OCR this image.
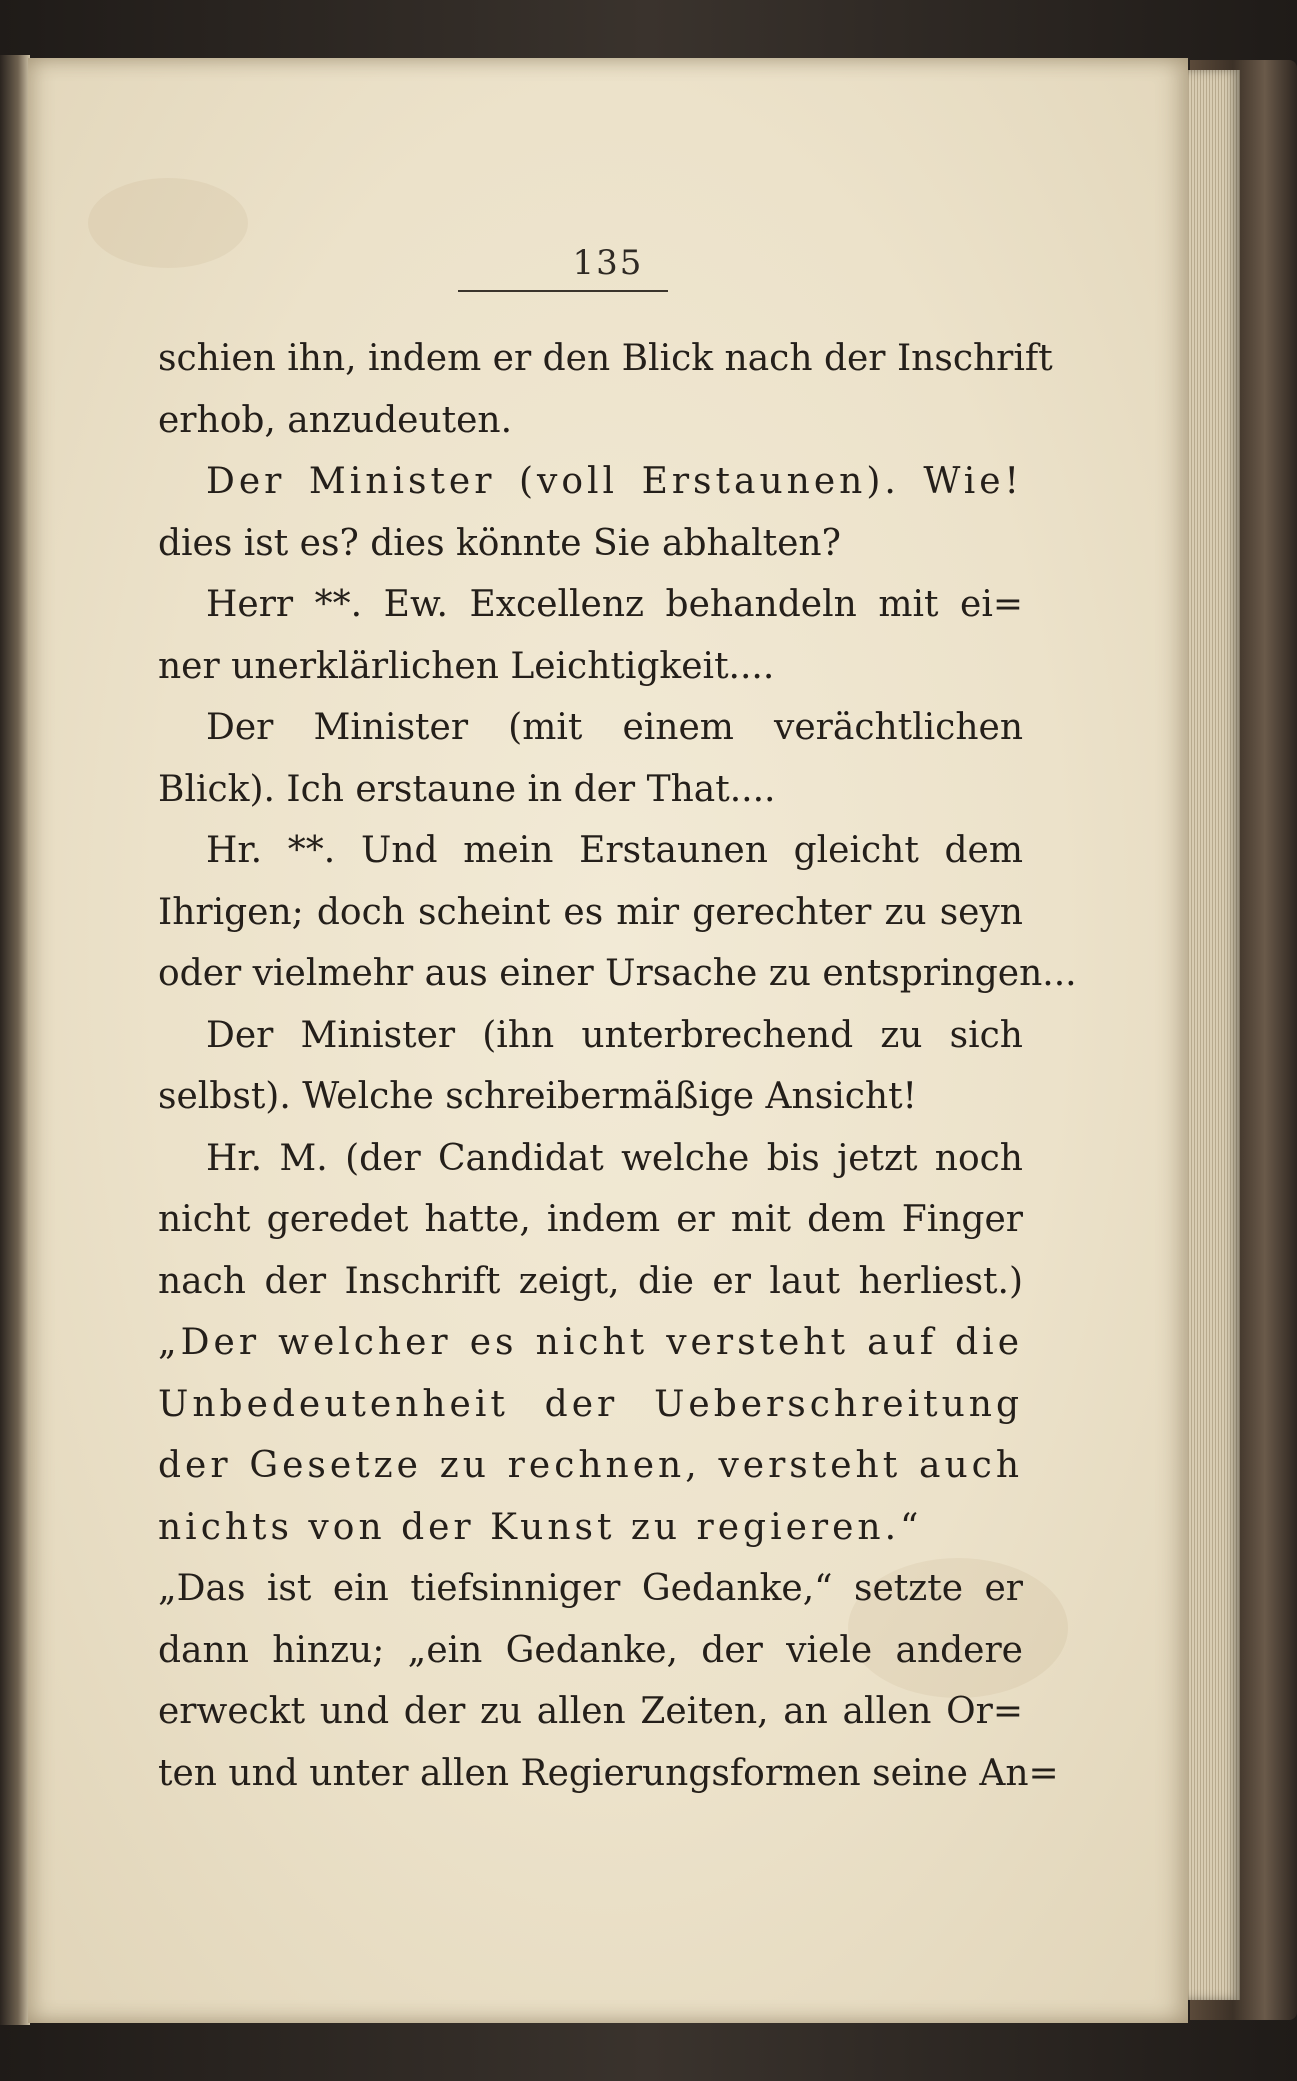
135
schien ihn, indem er den Blick nach der Inschrift
erhob, anzudeuten.
Der Minister (voll Erstaunen). Wie!
dies ist es? dies könnte Sie abhalten?
Herr **. Ew. Excellenz behandeln mit ei=
ner unerklärlichen Leichtigkeit....
Der Minister (mit einem verächtlichen
Blick). Ich erstaune in der That....
Hr. **. Und mein Erstaunen gleicht dem
Ihrigen; doch scheint es mir gerechter zu seyn
oder vielmehr aus einer Ursache zu entspringen...
Der Minister (ihn unterbrechend zu sich
selbst). Welche schreibermäßige Ansicht!
Hr. M. (der Candidat welche bis jetzt noch
nicht geredet hatte, indem er mit dem Finger
nach der Inschrift zeigt, die er laut herliest.)
„Der welcher es nicht versteht auf die
Unbedeutenheit der Ueberschreitung
der Gesetze zu rechnen, versteht auch
nichts von der Kunst zu regieren.“
„Das ist ein tiefsinniger Gedanke,“ setzte er
dann hinzu; „ein Gedanke, der viele andere
erweckt und der zu allen Zeiten, an allen Or=
ten und unter allen Regierungsformen seine An=
